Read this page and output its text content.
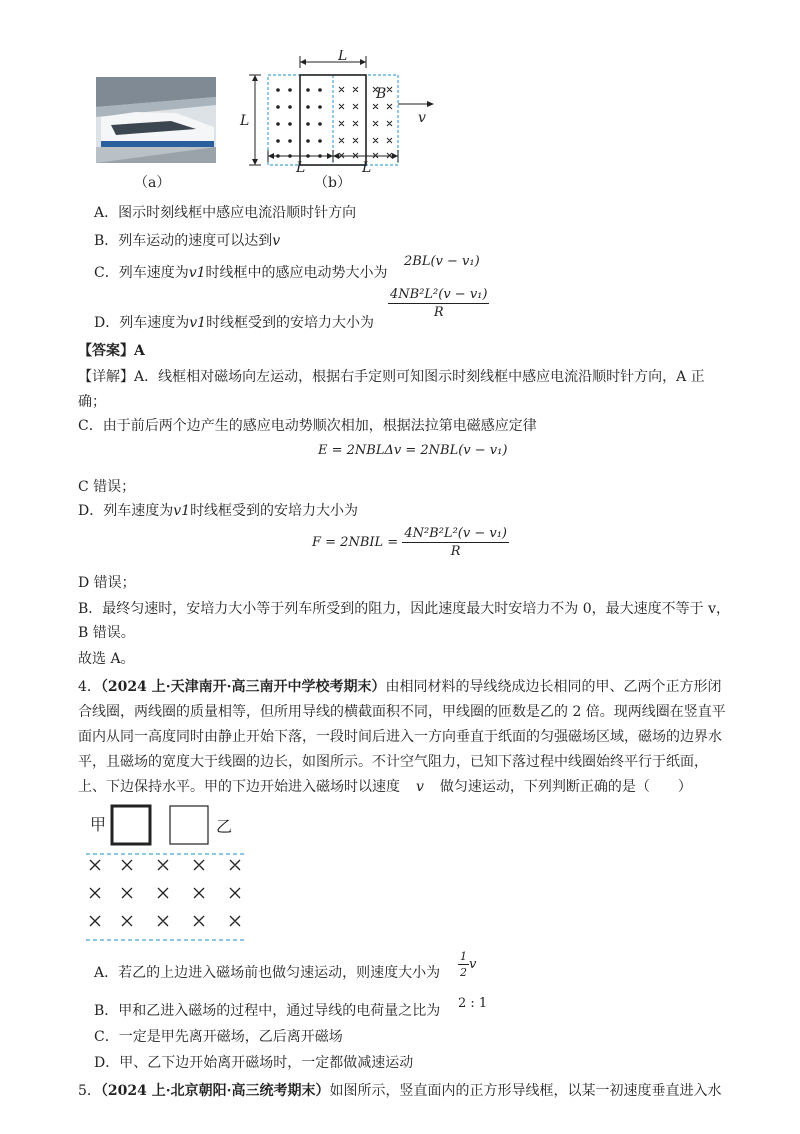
（a）
L
L
L	L
B
v
（b）
A．图示时刻线框中感应电流沿顺时针方向
B．列车运动的速度可以达到v
C．列车速度为v1时线框中的感应电动势大小为
2BL(v − v₁)
D．列车速度为v1时线框受到的安培力大小为
$\frac{\text{4NB²L²(v − v₁)}}{R}$
【答案】A
【详解】A．线框相对磁场向左运动，根据右手定则可知图示时刻线框中感应电流沿顺时针方向，A 正
确；
C．由于前后两个边产生的感应电动势顺次相加，根据法拉第电磁感应定律
E = 2NBLΔv = 2NBL(v − v₁)
C 错误；
D．列车速度为v1时线框受到的安培力大小为
F = 2NBIL = $\frac{\text{4N²B²L²(v − v₁)}}{R}$
D 错误；
B．最终匀速时，安培力大小等于列车所受到的阻力，因此速度最大时安培力不为 0，最大速度不等于 v，
B 错误。
故选 A。
4．（2024 上·天津南开·高三南开中学校考期末）由相同材料的导线绕成边长相同的甲、乙两个正方形闭
合线圈，两线圈的质量相等，但所用导线的横截面积不同，甲线圈的匝数是乙的 2 倍。现两线圈在竖直平
面内从同一高度同时由静止开始下落，一段时间后进入一方向垂直于纸面的匀强磁场区域，磁场的边界水
平，且磁场的宽度大于线圈的边长，如图所示。不计空气阻力，已知下落过程中线圈始终平行于纸面，
上、下边保持水平。甲的下边开始进入磁场时以速度 v 做匀速运动，下列判断正确的是（　　）
甲	乙
A．若乙的上边进入磁场前也做匀速运动，则速度大小为 $\frac{1}{2}$ v
B．甲和乙进入磁场的过程中，通过导线的电荷量之比为 2 : 1
C．一定是甲先离开磁场，乙后离开磁场
D．甲、乙下边开始离开磁场时，一定都做减速运动
5．（2024 上·北京朝阳·高三统考期末）如图所示，竖直面内的正方形导线框，以某一初速度垂直进入水
